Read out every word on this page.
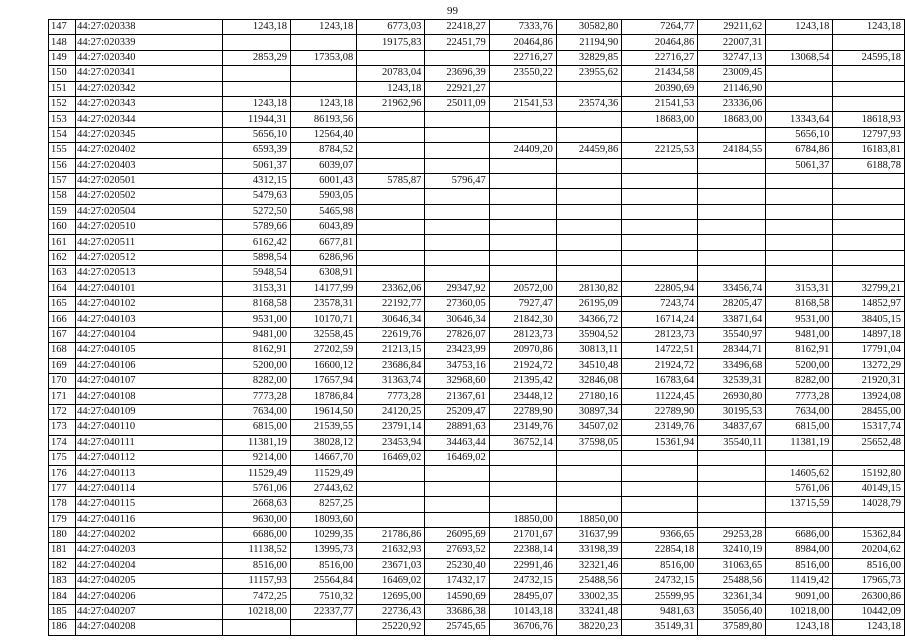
99
147	44:27:020338	1243,18	1243,18	6773,03	22418,27	7333,76	30582,80	7264,77	29211,62	1243,18	1243,18
148	44:27:020339			19175,83	22451,79	20464,86	21194,90	20464,86	22007,31		
149	44:27:020340	2853,29	17353,08			22716,27	32829,85	22716,27	32747,13	13068,54	24595,18
150	44:27:020341			20783,04	23696,39	23550,22	23955,62	21434,58	23009,45		
151	44:27:020342			1243,18	22921,27			20390,69	21146,90		
152	44:27:020343	1243,18	1243,18	21962,96	25011,09	21541,53	23574,36	21541,53	23336,06		
153	44:27:020344	11944,31	86193,56					18683,00	18683,00	13343,64	18618,93
154	44:27:020345	5656,10	12564,40							5656,10	12797,93
155	44:27:020402	6593,39	8784,52			24409,20	24459,86	22125,53	24184,55	6784,86	16183,81
156	44:27:020403	5061,37	6039,07							5061,37	6188,78
157	44:27:020501	4312,15	6001,43	5785,87	5796,47						
158	44:27:020502	5479,63	5903,05								
159	44:27:020504	5272,50	5465,98								
160	44:27:020510	5789,66	6043,89								
161	44:27:020511	6162,42	6677,81								
162	44:27:020512	5898,54	6286,96								
163	44:27:020513	5948,54	6308,91								
164	44:27:040101	3153,31	14177,99	23362,06	29347,92	20572,00	28130,82	22805,94	33456,74	3153,31	32799,21
165	44:27:040102	8168,58	23578,31	22192,77	27360,05	7927,47	26195,09	7243,74	28205,47	8168,58	14852,97
166	44:27:040103	9531,00	10170,71	30646,34	30646,34	21842,30	34366,72	16714,24	33871,64	9531,00	38405,15
167	44:27:040104	9481,00	32558,45	22619,76	27826,07	28123,73	35904,52	28123,73	35540,97	9481,00	14897,18
168	44:27:040105	8162,91	27202,59	21213,15	23423,99	20970,86	30813,11	14722,51	28344,71	8162,91	17791,04
169	44:27:040106	5200,00	16600,12	23686,84	34753,16	21924,72	34510,48	21924,72	33496,68	5200,00	13272,29
170	44:27:040107	8282,00	17657,94	31363,74	32968,60	21395,42	32846,08	16783,64	32539,31	8282,00	21920,31
171	44:27:040108	7773,28	18786,84	7773,28	21367,61	23448,12	27180,16	11224,45	26930,80	7773,28	13924,08
172	44:27:040109	7634,00	19614,50	24120,25	25209,47	22789,90	30897,34	22789,90	30195,53	7634,00	28455,00
173	44:27:040110	6815,00	21539,55	23791,14	28891,63	23149,76	34507,02	23149,76	34837,67	6815,00	15317,74
174	44:27:040111	11381,19	38028,12	23453,94	34463,44	36752,14	37598,05	15361,94	35540,11	11381,19	25652,48
175	44:27:040112	9214,00	14667,70	16469,02	16469,02						
176	44:27:040113	11529,49	11529,49							14605,62	15192,80
177	44:27:040114	5761,06	27443,62							5761,06	40149,15
178	44:27:040115	2668,63	8257,25							13715,59	14028,79
179	44:27:040116	9630,00	18093,60			18850,00	18850,00				
180	44:27:040202	6686,00	10299,35	21786,86	26095,69	21701,67	31637,99	9366,65	29253,28	6686,00	15362,84
181	44:27:040203	11138,52	13995,73	21632,93	27693,52	22388,14	33198,39	22854,18	32410,19	8984,00	20204,62
182	44:27:040204	8516,00	8516,00	23671,03	25230,40	22991,46	32321,46	8516,00	31063,65	8516,00	8516,00
183	44:27:040205	11157,93	25564,84	16469,02	17432,17	24732,15	25488,56	24732,15	25488,56	11419,42	17965,73
184	44:27:040206	7472,25	7510,32	12695,00	14590,69	28495,07	33002,35	25599,95	32361,34	9091,00	26300,86
185	44:27:040207	10218,00	22337,77	22736,43	33686,38	10143,18	33241,48	9481,63	35056,40	10218,00	10442,09
186	44:27:040208			25220,92	25745,65	36706,76	38220,23	35149,31	37589,80	1243,18	1243,18
